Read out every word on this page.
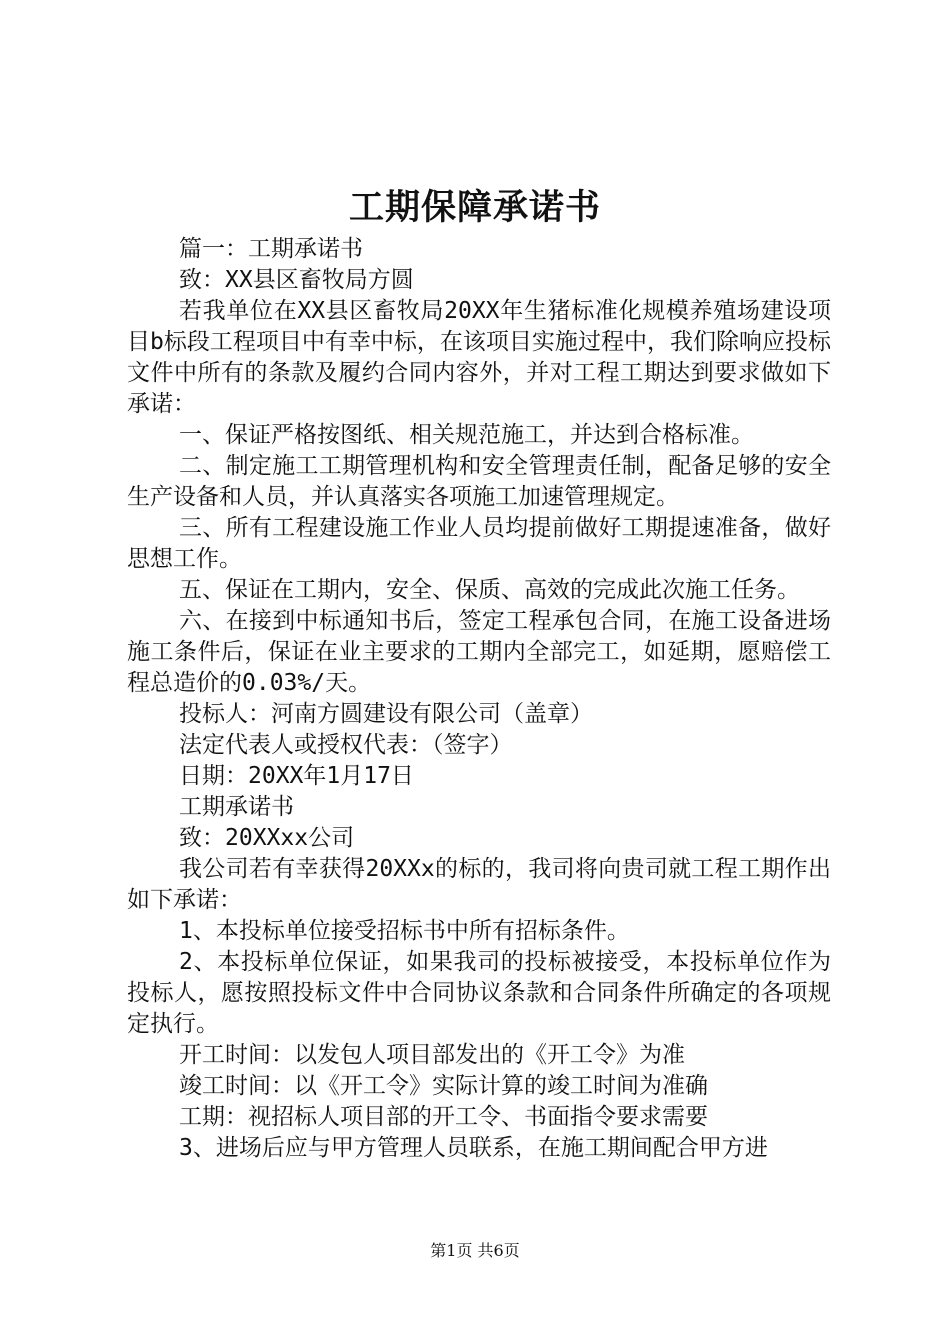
工期保障承诺书

篇一：工期承诺书

致：XX县区畜牧局方圆

若我单位在XX县区畜牧局20XX年生猪标准化规模养殖场建设项目b标段工程项目中有幸中标，在该项目实施过程中，我们除响应投标文件中所有的条款及履约合同内容外，并对工程工期达到要求做如下承诺：

一、保证严格按图纸、相关规范施工，并达到合格标准。

二、制定施工工期管理机构和安全管理责任制，配备足够的安全生产设备和人员，并认真落实各项施工加速管理规定。

三、所有工程建设施工作业人员均提前做好工期提速准备，做好思想工作。

五、保证在工期内，安全、保质、高效的完成此次施工任务。

六、在接到中标通知书后，签定工程承包合同，在施工设备进场施工条件后，保证在业主要求的工期内全部完工，如延期，愿赔偿工程总造价的0.03%/天。

投标人：河南方圆建设有限公司（盖章）

法定代表人或授权代表：（签字）

日期：20XX年1月17日

工期承诺书

致：20XXxx公司

我公司若有幸获得20XXx的标的，我司将向贵司就工程工期作出如下承诺：

1、本投标单位接受招标书中所有招标条件。

2、本投标单位保证，如果我司的投标被接受，本投标单位作为投标人，愿按照投标文件中合同协议条款和合同条件所确定的各项规定执行。

开工时间：以发包人项目部发出的《开工令》为准

竣工时间：以《开工令》实际计算的竣工时间为准确

工期：视招标人项目部的开工令、书面指令要求需要

3、进场后应与甲方管理人员联系，在施工期间配合甲方进

第1页 共6页
